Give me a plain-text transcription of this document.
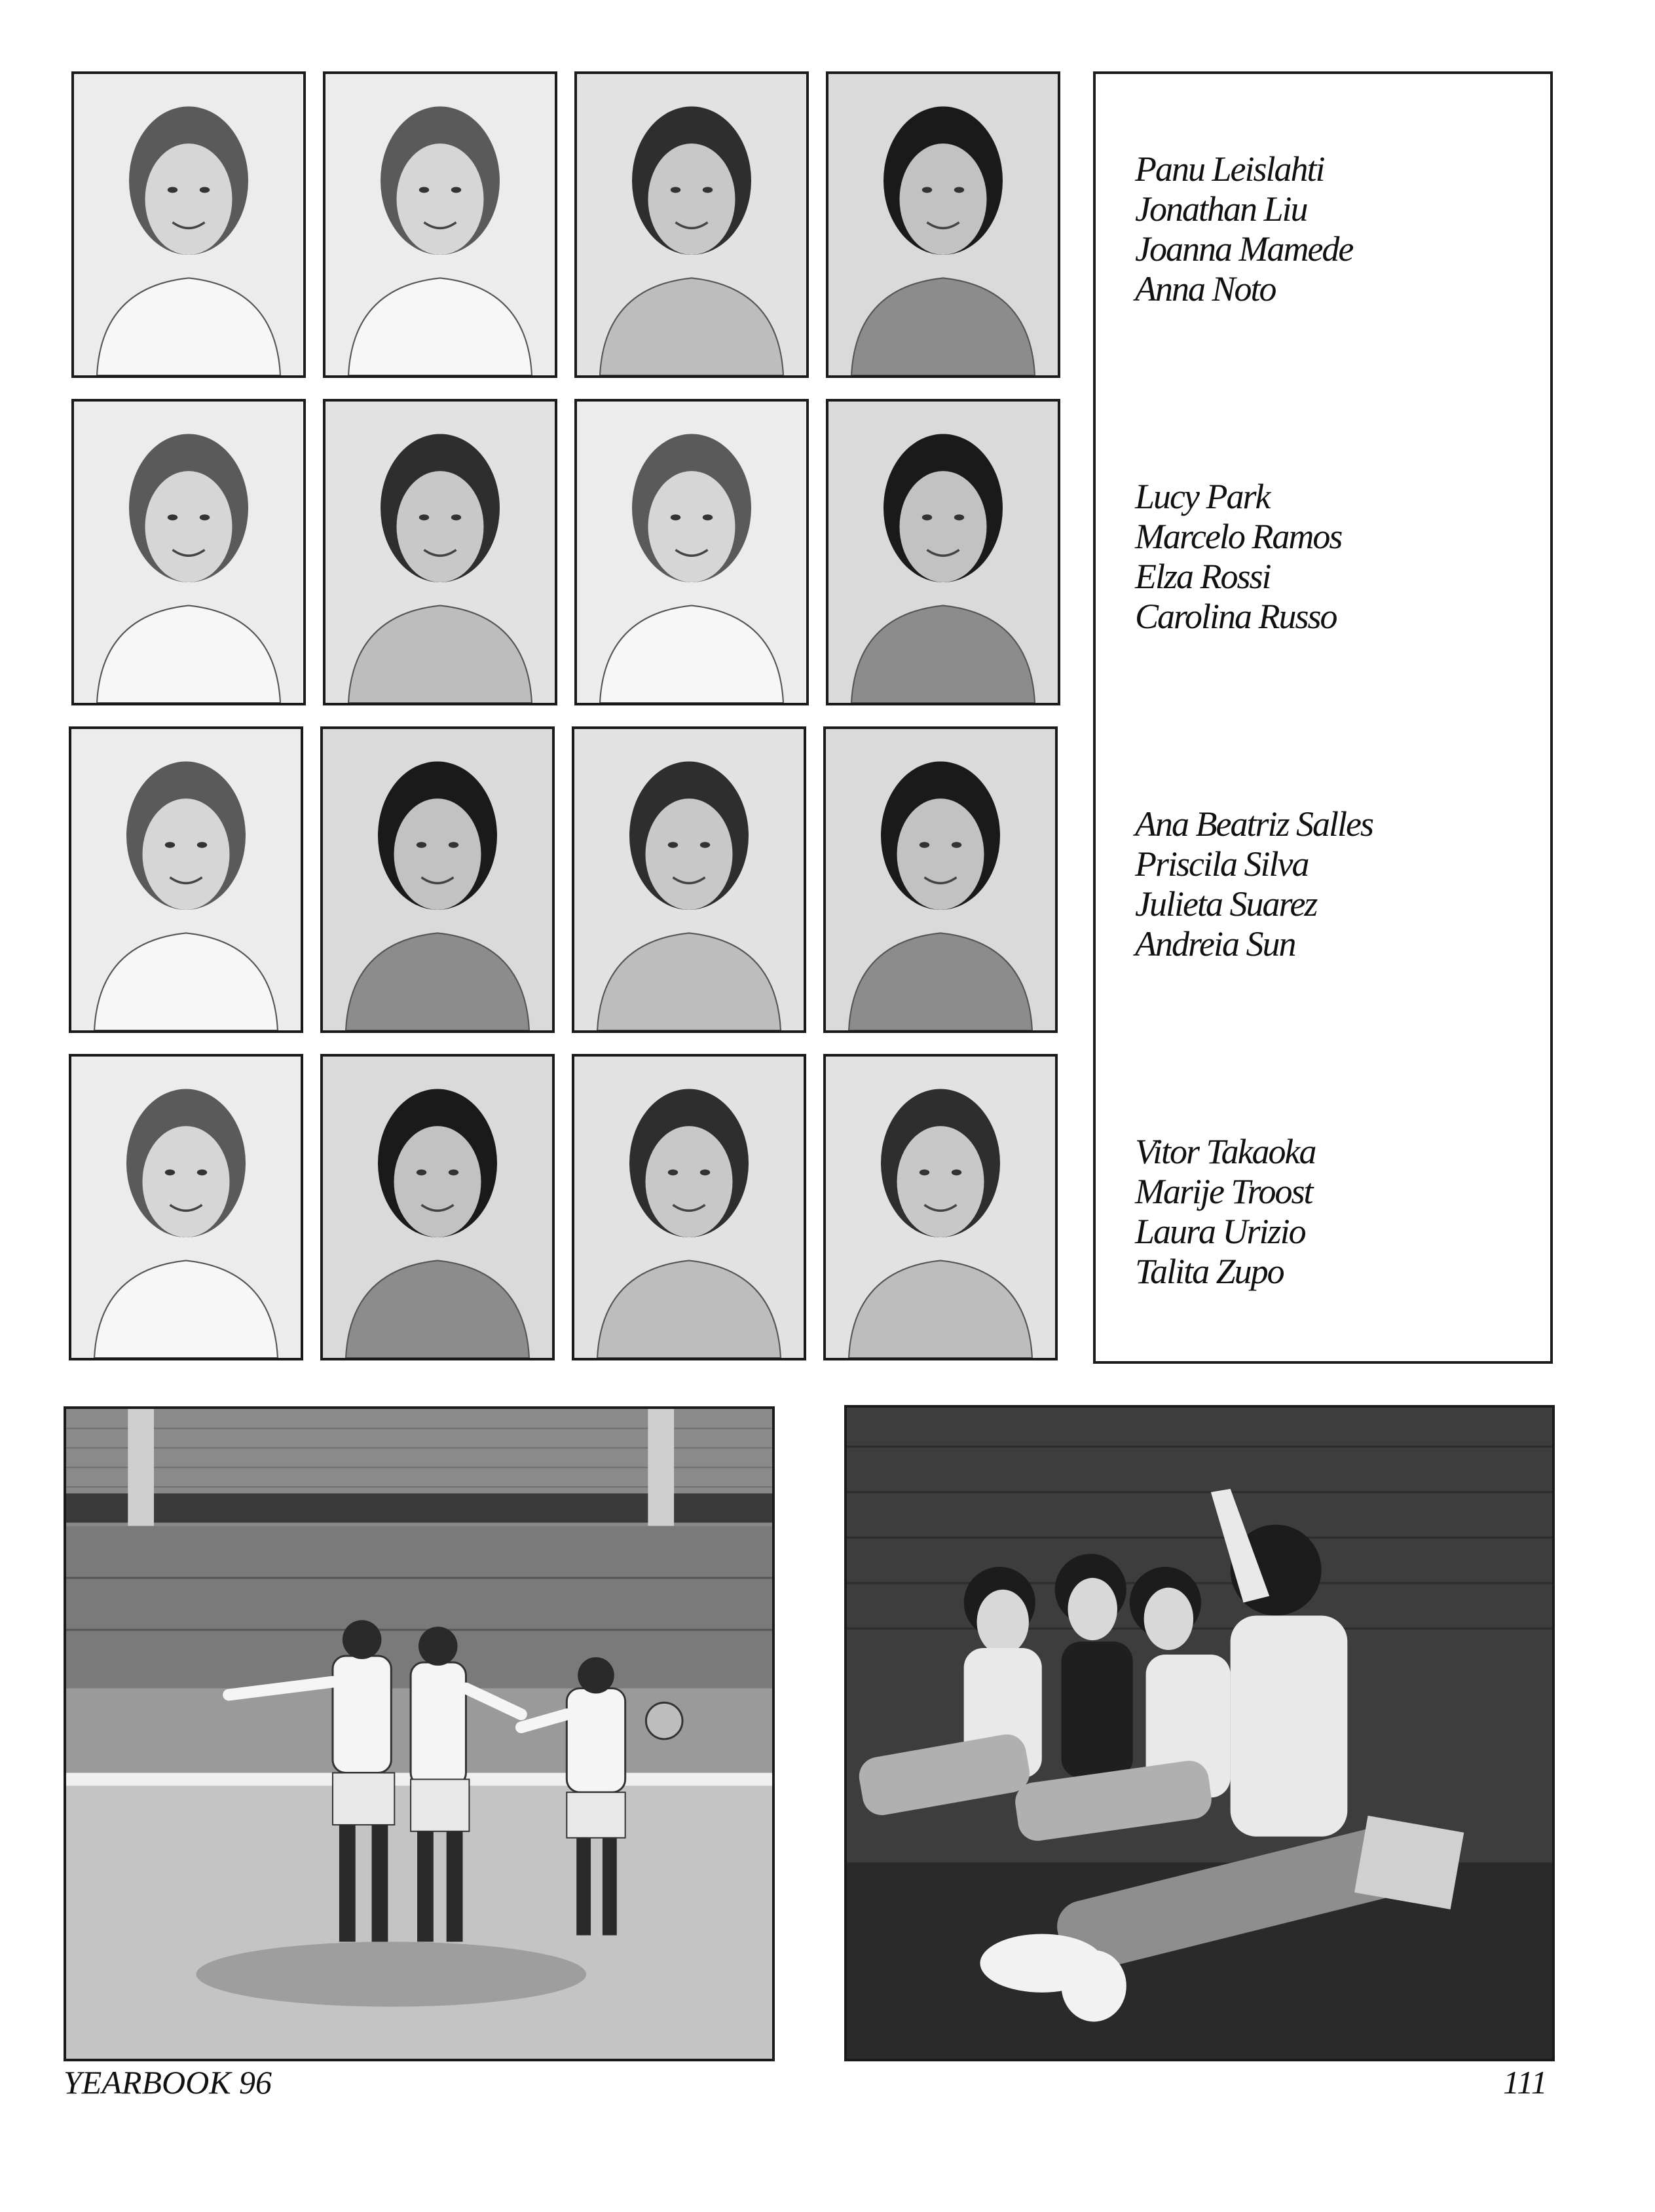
Panu Leislahti
Jonathan Liu
Joanna Mamede
Anna Noto
Lucy Park
Marcelo Ramos
Elza Rossi
Carolina Russo
Ana Beatriz Salles
Priscila Silva
Julieta Suarez
Andreia Sun
Vitor Takaoka
Marije Troost
Laura Urizio
Talita Zupo
YEARBOOK 96	111
